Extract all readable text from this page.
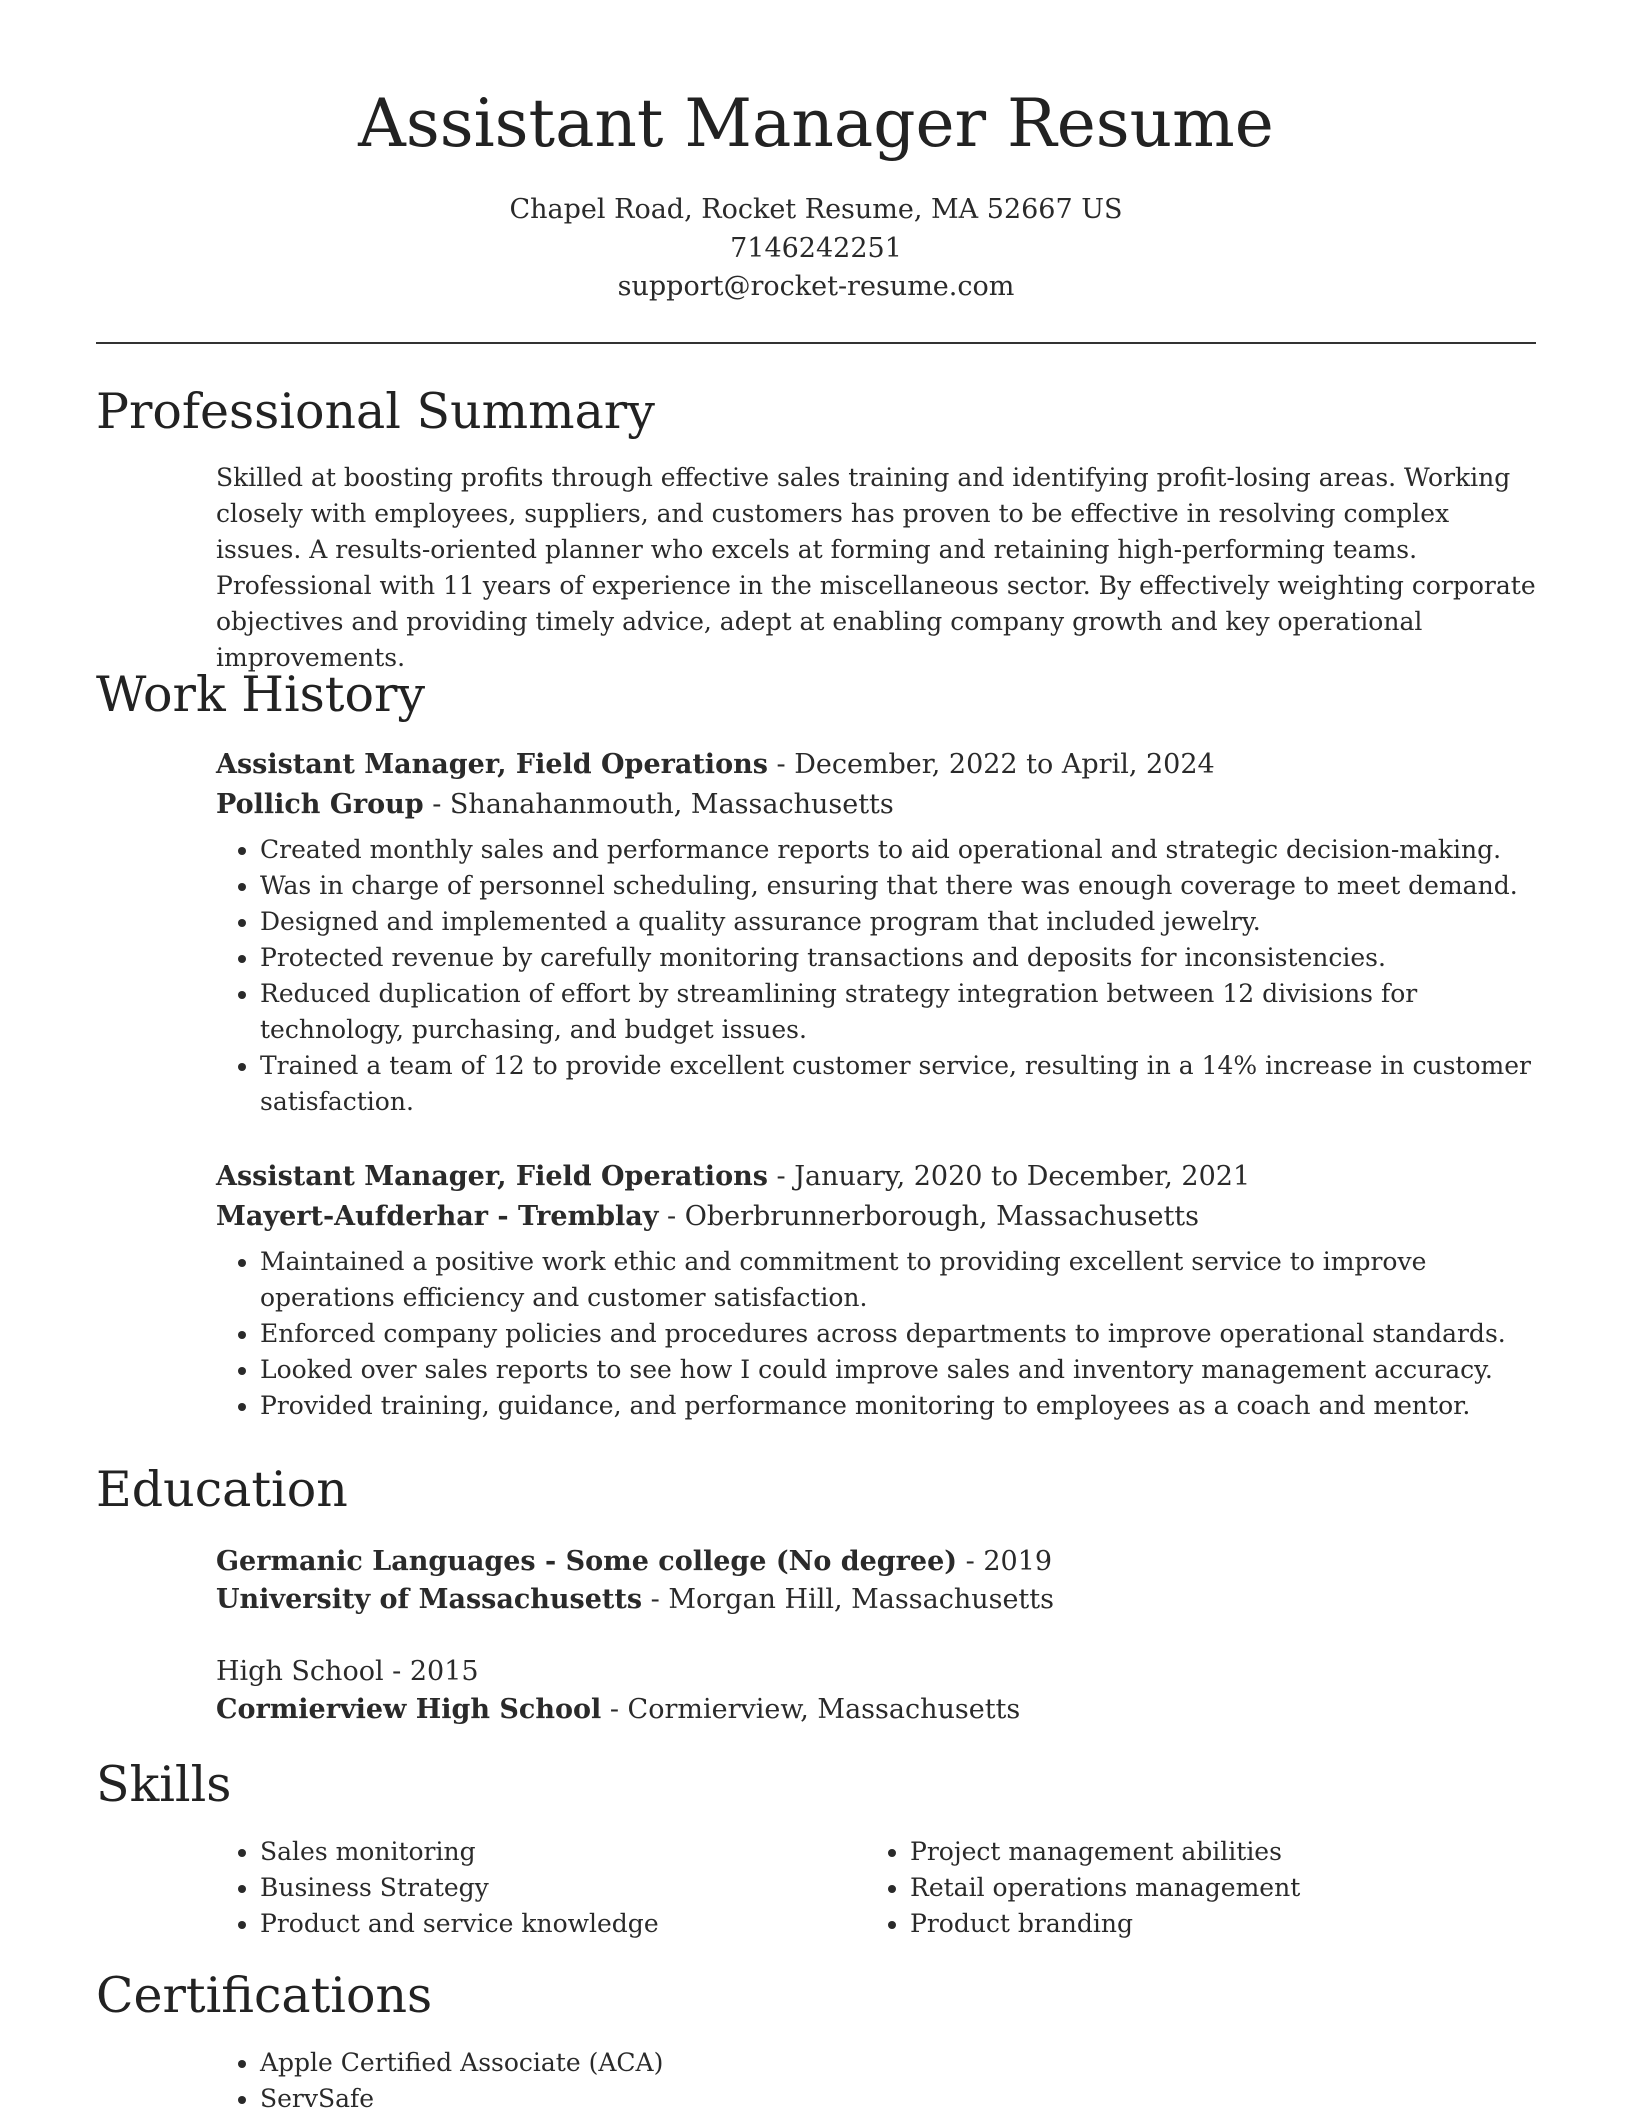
Assistant Manager Resume
Chapel Road, Rocket Resume, MA 52667 US
7146242251
support@rocket-resume.com
Professional Summary
Skilled at boosting profits through effective sales training and identifying profit-losing areas. Working closely with employees, suppliers, and customers has proven to be effective in resolving complex issues. A results-oriented planner who excels at forming and retaining high-performing teams. Professional with 11 years of experience in the miscellaneous sector. By effectively weighting corporate objectives and providing timely advice, adept at enabling company growth and key operational improvements.
Work History
Assistant Manager, Field Operations - December, 2022 to April, 2024
Pollich Group - Shanahanmouth, Massachusetts
• Created monthly sales and performance reports to aid operational and strategic decision-making.
• Was in charge of personnel scheduling, ensuring that there was enough coverage to meet demand.
• Designed and implemented a quality assurance program that included jewelry.
• Protected revenue by carefully monitoring transactions and deposits for inconsistencies.
• Reduced duplication of effort by streamlining strategy integration between 12 divisions for technology, purchasing, and budget issues.
• Trained a team of 12 to provide excellent customer service, resulting in a 14% increase in customer satisfaction.
Assistant Manager, Field Operations - January, 2020 to December, 2021
Mayert-Aufderhar - Tremblay - Oberbrunnerborough, Massachusetts
• Maintained a positive work ethic and commitment to providing excellent service to improve operations efficiency and customer satisfaction.
• Enforced company policies and procedures across departments to improve operational standards.
• Looked over sales reports to see how I could improve sales and inventory management accuracy.
• Provided training, guidance, and performance monitoring to employees as a coach and mentor.
Education
Germanic Languages - Some college (No degree) - 2019
University of Massachusetts - Morgan Hill, Massachusetts
High School - 2015
Cormierview High School - Cormierview, Massachusetts
Skills
• Sales monitoring
• Business Strategy
• Product and service knowledge
• Project management abilities
• Retail operations management
• Product branding
Certifications
• Apple Certified Associate (ACA)
• ServSafe
